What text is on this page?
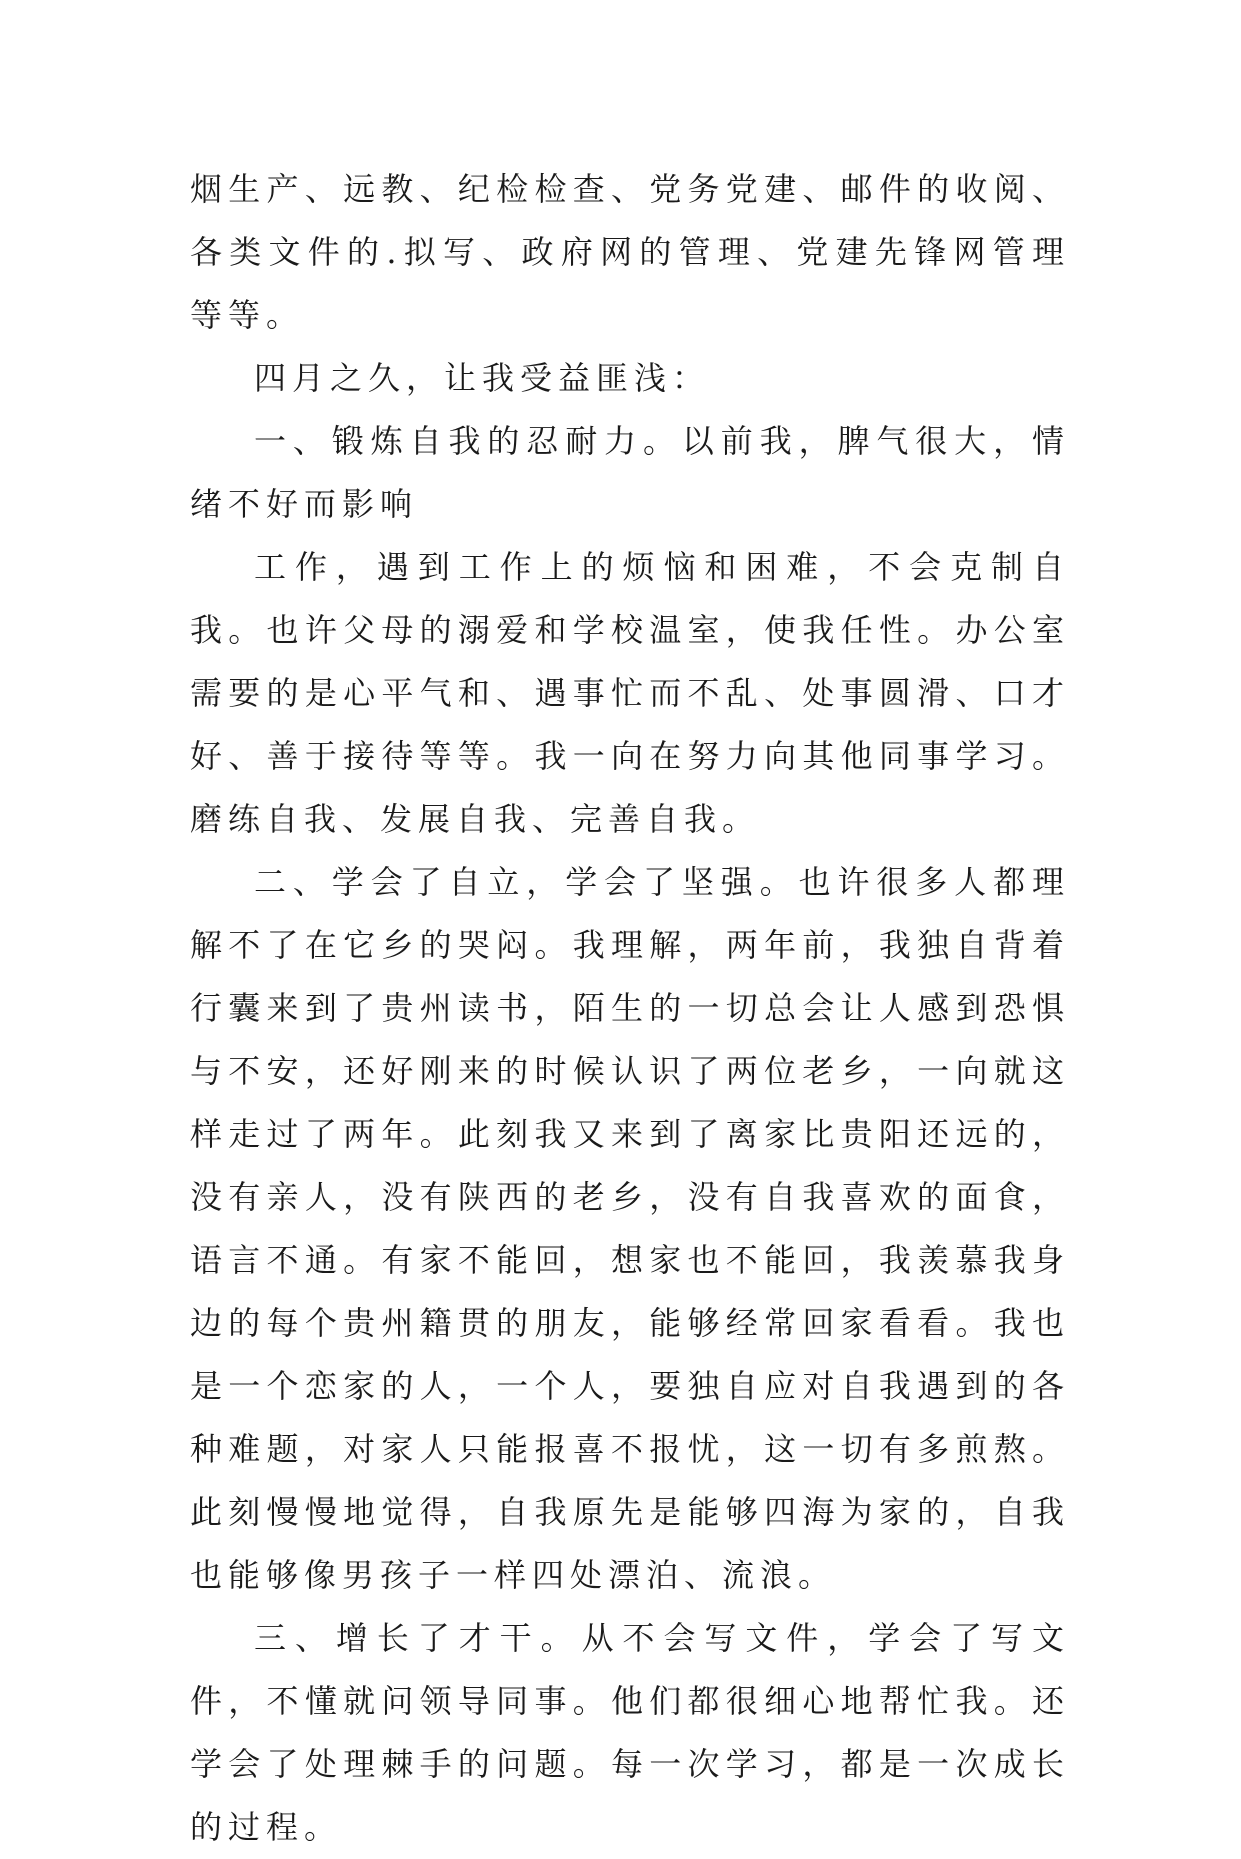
烟生产、远教、纪检检查、党务党建、邮件的收阅、各类文件的.拟写、政府网的管理、党建先锋网管理等等。

四月之久，让我受益匪浅：

一、锻炼自我的忍耐力。以前我，脾气很大，情绪不好而影响

工作，遇到工作上的烦恼和困难，不会克制自我。也许父母的溺爱和学校温室，使我任性。办公室需要的是心平气和、遇事忙而不乱、处事圆滑、口才好、善于接待等等。我一向在努力向其他同事学习。磨练自我、发展自我、完善自我。

二、学会了自立，学会了坚强。也许很多人都理解不了在它乡的哭闷。我理解，两年前，我独自背着行囊来到了贵州读书，陌生的一切总会让人感到恐惧与不安，还好刚来的时候认识了两位老乡，一向就这样走过了两年。此刻我又来到了离家比贵阳还远的，没有亲人，没有陕西的老乡，没有自我喜欢的面食，语言不通。有家不能回，想家也不能回，我羡慕我身边的每个贵州籍贯的朋友，能够经常回家看看。我也是一个恋家的人，一个人，要独自应对自我遇到的各种难题，对家人只能报喜不报忧，这一切有多煎熬。此刻慢慢地觉得，自我原先是能够四海为家的，自我也能够像男孩子一样四处漂泊、流浪。

三、增长了才干。从不会写文件，学会了写文件，不懂就问领导同事。他们都很细心地帮忙我。还学会了处理棘手的问题。每一次学习，都是一次成长的过程。
